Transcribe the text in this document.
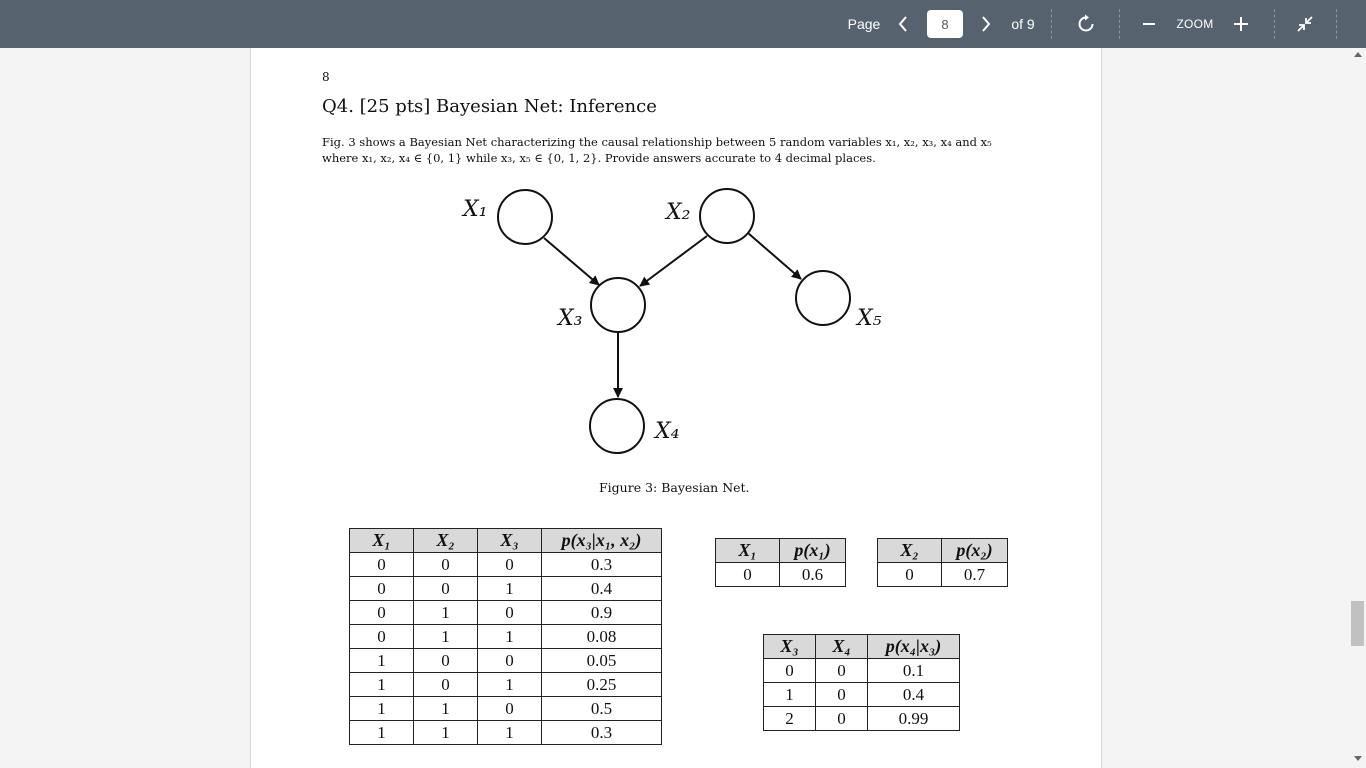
Page
8	of 9	ZOOM
8
Q4. [25 pts] Bayesian Net: Inference
Fig. 3 shows a Bayesian Net characterizing the causal relationship between 5 random variables x₁, x₂, x₃, x₄ and x₅
where x₁, x₂, x₄ ∈ {0, 1} while x₃, x₅ ∈ {0, 1, 2}. Provide answers accurate to 4 decimal places.
X₁	X₂
X₃
X₄
X₅
Figure 3: Bayesian Net.
X₁	X₂	X₃	p(x₃|x₁, x₂)
0	0	0	0.3
0	0	1	0.4
0	1	0	0.9
0	1	1	0.08
1	0	0	0.05
1	0	1	0.25
1	1	0	0.5
1	1	1	0.3
X₁	p(x₁)
0	0.6
X₂	p(x₂)
0	0.7
X₃	X₄	p(x₄|x₃)
0	0	0.1
1	0	0.4
2	0	0.99
